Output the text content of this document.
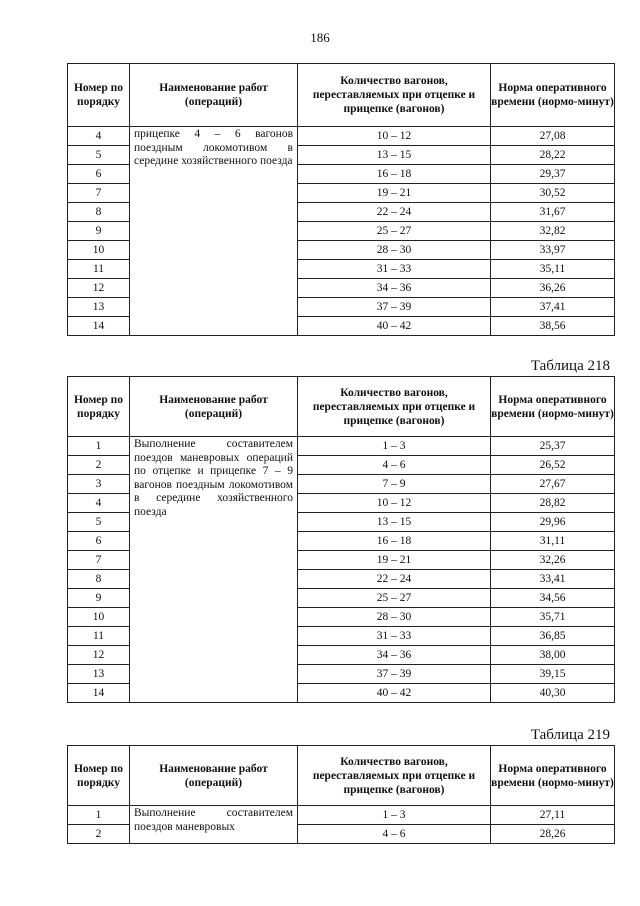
186
Номер по порядку	Наименование работ (операций)	Количество вагонов, переставляемых при отцепке и прицепке (вагонов)	Норма оперативного времени (нормо-минут)
4	прицепке 4 – 6 вагонов поездным локомотивом в середине хозяйственного поезда	10 – 12	27,08
5		13 – 15	28,22
6		16 – 18	29,37
7		19 – 21	30,52
8		22 – 24	31,67
9		25 – 27	32,82
10		28 – 30	33,97
11		31 – 33	35,11
12		34 – 36	36,26
13		37 – 39	37,41
14		40 – 42	38,56
Таблица 218
Номер по порядку	Наименование работ (операций)	Количество вагонов, переставляемых при отцепке и прицепке (вагонов)	Норма оперативного времени (нормо-минут)
1	Выполнение составителем поездов маневровых операций по отцепке и прицепке 7 – 9 вагонов поездным локомотивом в середине хозяйственного поезда	1 – 3	25,37
2		4 – 6	26,52
3		7 – 9	27,67
4		10 – 12	28,82
5		13 – 15	29,96
6		16 – 18	31,11
7		19 – 21	32,26
8		22 – 24	33,41
9		25 – 27	34,56
10		28 – 30	35,71
11		31 – 33	36,85
12		34 – 36	38,00
13		37 – 39	39,15
14		40 – 42	40,30
Таблица 219
Номер по порядку	Наименование работ (операций)	Количество вагонов, переставляемых при отцепке и прицепке (вагонов)	Норма оперативного времени (нормо-минут)
1	Выполнение составителем поездов маневровых	1 – 3	27,11
2		4 – 6	28,26
